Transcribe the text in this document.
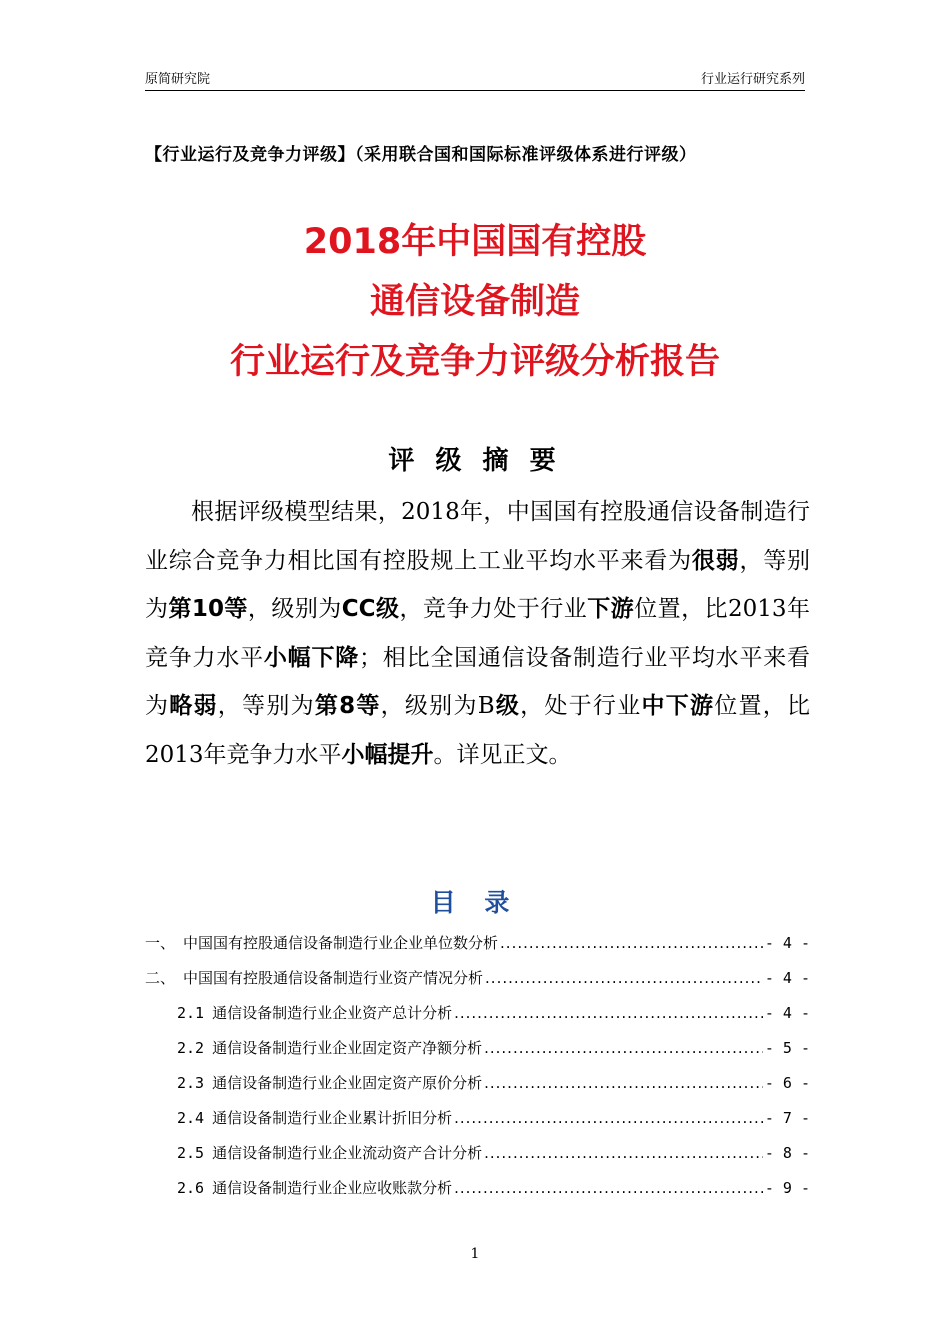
原简研究院	行业运行研究系列
【行业运行及竞争力评级】（采用联合国和国际标准评级体系进行评级）
2018年中国国有控股
通信设备制造
行业运行及竞争力评级分析报告
评 级 摘 要

根据评级模型结果，2018年，中国国有控股通信设备制造行业综合竞争力相比国有控股规上工业平均水平来看为很弱，等别为第10等，级别为CC级，竞争力处于行业下游位置，比2013年竞争力水平小幅下降；相比全国通信设备制造行业平均水平来看为略弱，等别为第8等，级别为B级，处于行业中下游位置，比2013年竞争力水平小幅提升。详见正文。

目 录
一、 中国国有控股通信设备制造行业企业单位数分析 .....	- 4 -
二、 中国国有控股通信设备制造行业资产情况分析 .....	- 4 -
2.1 通信设备制造行业企业资产总计分析 .....	- 4 -
2.2 通信设备制造行业企业固定资产净额分析 .....	- 5 -
2.3 通信设备制造行业企业固定资产原价分析 .....	- 6 -
2.4 通信设备制造行业企业累计折旧分析 .....	- 7 -
2.5 通信设备制造行业企业流动资产合计分析 .....	- 8 -
2.6 通信设备制造行业企业应收账款分析 .....	- 9 -
1
